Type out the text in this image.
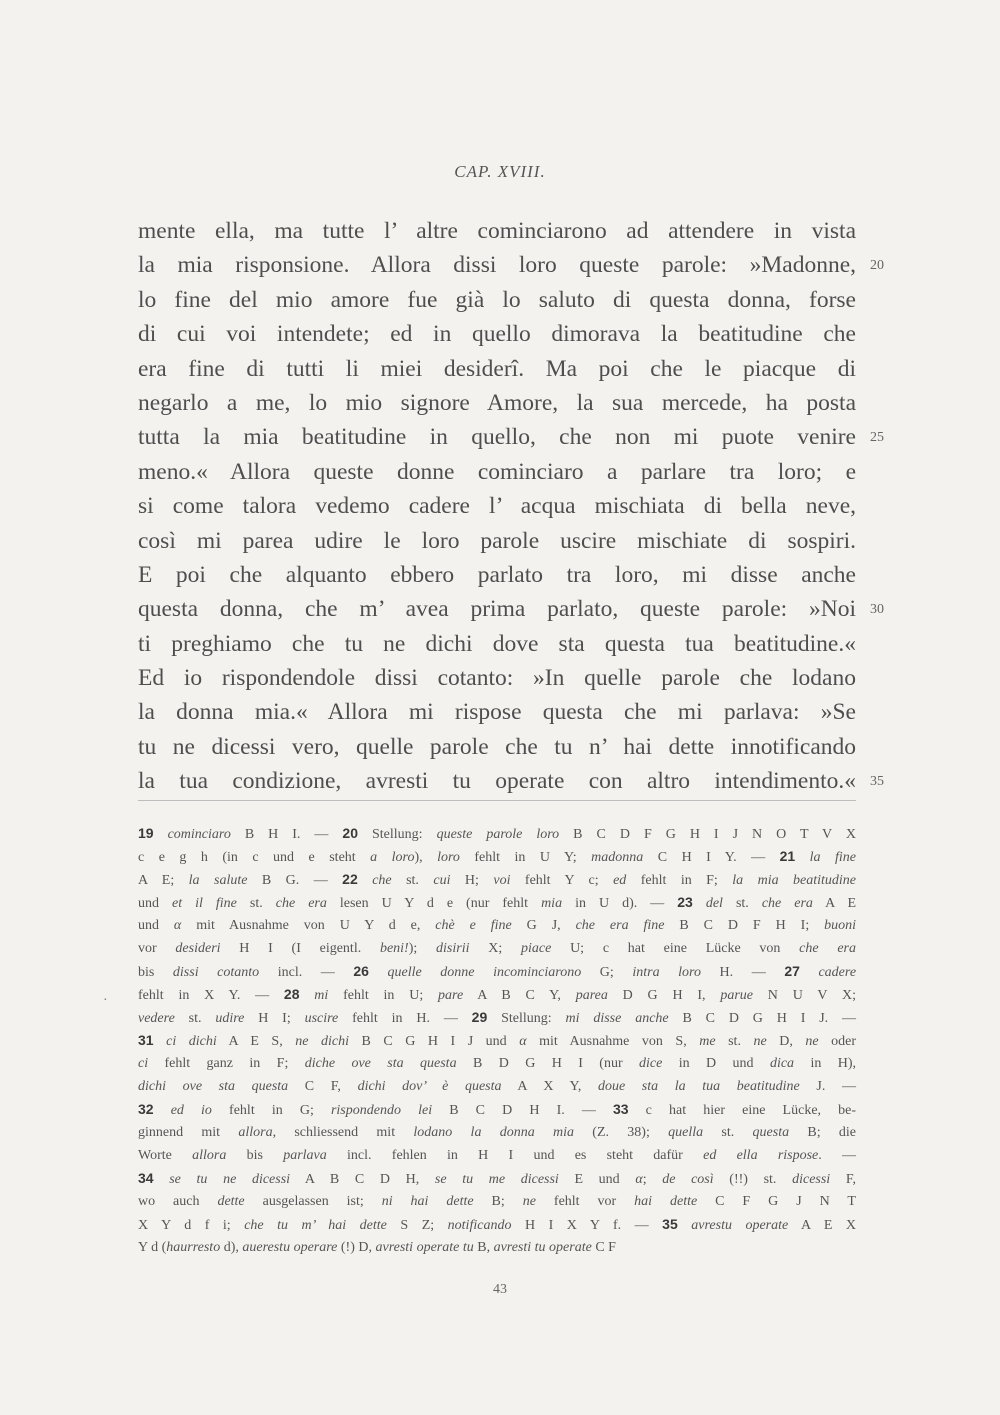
CAP. XVIII.
mente ella, ma tutte l’ altre cominciarono ad attendere in vista
la mia risponsione. Allora dissi loro queste parole: »Madonne,
lo fine del mio amore fue già lo saluto di questa donna, forse
di cui voi intendete; ed in quello dimorava la beatitudine che
era fine di tutti li miei desiderî. Ma poi che le piacque di
negarlo a me, lo mio signore Amore, la sua mercede, ha posta
tutta la mia beatitudine in quello, che non mi puote venire
meno.« Allora queste donne cominciaro a parlare tra loro; e
si come talora vedemo cadere l’ acqua mischiata di bella neve,
così mi parea udire le loro parole uscire mischiate di sospiri.
E poi che alquanto ebbero parlato tra loro, mi disse anche
questa donna, che m’ avea prima parlato, queste parole: »Noi
ti preghiamo che tu ne dichi dove sta questa tua beatitudine.«
Ed io rispondendole dissi cotanto: »In quelle parole che lodano
la donna mia.« Allora mi rispose questa che mi parlava: »Se
tu ne dicessi vero, quelle parole che tu n’ hai dette innotificando
la tua condizione, avresti tu operate con altro intendimento.«
20
25
30
35
19 cominciaro B H I. — 20 Stellung: queste parole loro B C D F G H I J N O T V X
c e g h (in c und e steht a loro), loro fehlt in U Y; madonna C H I Y. — 21 la fine
A E; la salute B G. — 22 che st. cui H; voi fehlt Y c; ed fehlt in F; la mia beatitudine
und et il fine st. che era lesen U Y d e (nur fehlt mia in U d). — 23 del st. che era A E
und α mit Ausnahme von U Y d e, chè e fine G J, che era fine B C D F H I; buoni
vor desideri H I (I eigentl. beni!); disirii X; piace U; c hat eine Lücke von che era
bis dissi cotanto incl. — 26 quelle donne incominciarono G; intra loro H. — 27 cadere
fehlt in X Y. — 28 mi fehlt in U; pare A B C Y, parea D G H I, parue N U V X;
vedere st. udire H I; uscire fehlt in H. — 29 Stellung: mi disse anche B C D G H I J. —
31 ci dichi A E S, ne dichi B C G H I J und α mit Ausnahme von S, me st. ne D, ne oder
ci fehlt ganz in F; diche ove sta questa B D G H I (nur dice in D und dica in H),
dichi ove sta questa C F, dichi dov’ è questa A X Y, doue sta la tua beatitudine J. —
32 ed io fehlt in G; rispondendo lei B C D H I. — 33 c hat hier eine Lücke, be-
ginnend mit allora, schliessend mit lodano la donna mia (Z. 38); quella st. questa B; die
Worte allora bis parlava incl. fehlen in H I und es steht dafür ed ella rispose. —
34 se tu ne dicessi A B C D H, se tu me dicessi E und α; de così (!!) st. dicessi F,
wo auch dette ausgelassen ist; ni hai dette B; ne fehlt vor hai dette C F G J N T
X Y d f i; che tu m’ hai dette S Z; notificando H I X Y f. — 35 avrestu operate A E X
Y d (haurresto d), auerestu operare (!) D, avresti operate tu B, avresti tu operate C F
·
43
